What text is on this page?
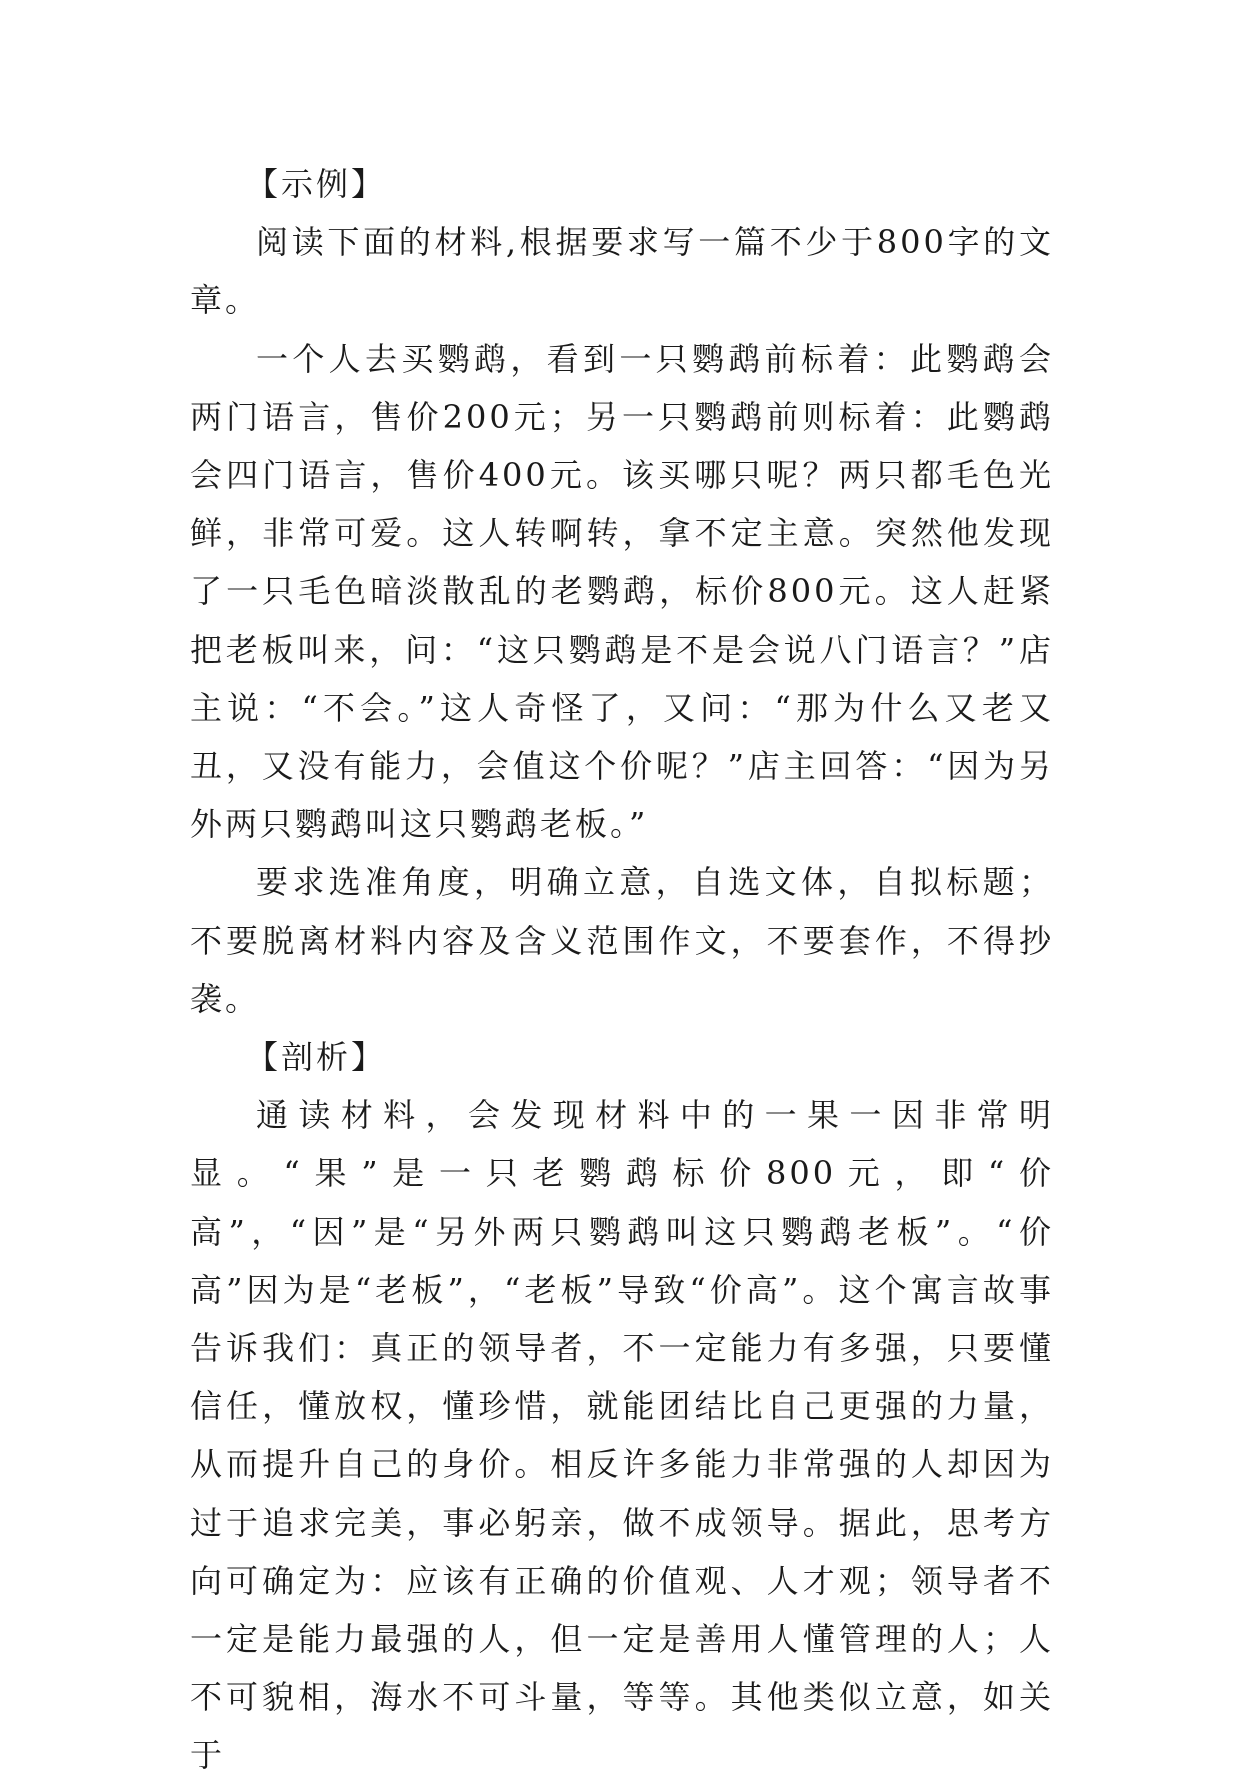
【示例】

阅读下面的材料,根据要求写一篇不少于800字的文章。

一个人去买鹦鹉，看到一只鹦鹉前标着：此鹦鹉会两门语言，售价200元；另一只鹦鹉前则标着：此鹦鹉会四门语言，售价400元。该买哪只呢？两只都毛色光鲜，非常可爱。这人转啊转，拿不定主意。突然他发现了一只毛色暗淡散乱的老鹦鹉，标价800元。这人赶紧把老板叫来，问：“这只鹦鹉是不是会说八门语言？”店主说：“不会。”这人奇怪了，又问：“那为什么又老又丑，又没有能力，会值这个价呢？”店主回答：“因为另外两只鹦鹉叫这只鹦鹉老板。”

要求选准角度，明确立意，自选文体，自拟标题；不要脱离材料内容及含义范围作文，不要套作，不得抄袭。

【剖析】

通读材料，会发现材料中的一果一因非常明显。“果”是一只老鹦鹉标价800元，即“价高”，“因”是“另外两只鹦鹉叫这只鹦鹉老板”。“价高”因为是“老板”，“老板”导致“价高”。这个寓言故事告诉我们：真正的领导者，不一定能力有多强，只要懂信任，懂放权，懂珍惜，就能团结比自己更强的力量，从而提升自己的身价。相反许多能力非常强的人却因为过于追求完美，事必躬亲，做不成领导。据此，思考方向可确定为：应该有正确的价值观、人才观；领导者不一定是能力最强的人，但一定是善用人懂管理的人；人不可貌相，海水不可斗量，等等。其他类似立意，如关于
